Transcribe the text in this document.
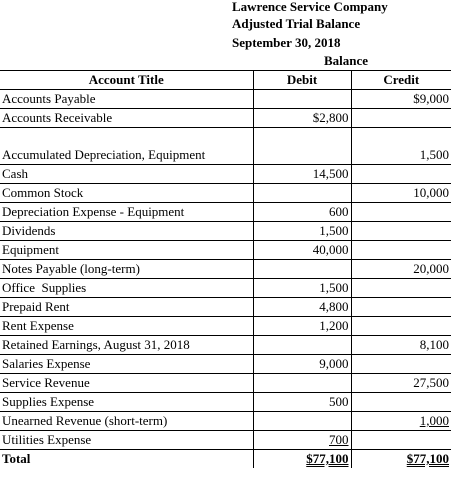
Lawrence Service Company
Adjusted Trial Balance
September 30, 2018
Balance
Account Title	Debit	Credit
Accounts Payable		$9,000
Accounts Receivable	$2,800	
Accumulated Depreciation, Equipment		1,500
Cash	14,500	
Common Stock		10,000
Depreciation Expense - Equipment	600	
Dividends	1,500	
Equipment	40,000	
Notes Payable (long-term)		20,000
Office  Supplies	1,500	
Prepaid Rent	4,800	
Rent Expense	1,200	
Retained Earnings, August 31, 2018		8,100
Salaries Expense	9,000	
Service Revenue		27,500
Supplies Expense	500	
Unearned Revenue (short-term)		1,000
Utilities Expense	700	
Total	$77,100	$77,100
